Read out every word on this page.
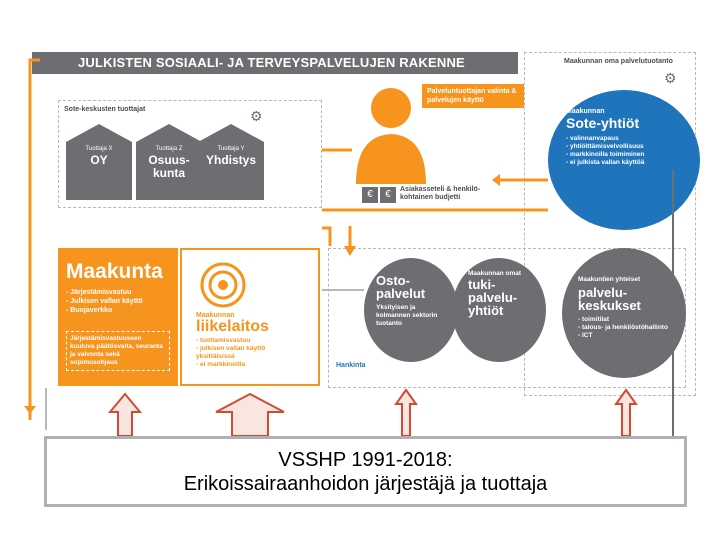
JULKISTEN SOSIAALI- JA TERVEYSPALVELUJEN RAKENNE
Sote-keskusten tuottajat
Maakunnan oma palvelutuotanto
⚙
⚙
Tuottaja X
OY
Tuottaja Z
Osuus-
kunta
Tuottaja Y
Yhdistys
Palveluntuottajan valinta & palvelujen käyttö
€ €	Asiakasseteli & henkilö-kohtainen budjetti
Maakunnan
Sote-yhtiöt
- valinnanvapaus
- yhtiöittämisvelvollisuus
- markkinoilla toimiminen
- ei julkista vallan käyttöä
Maakunta
- Järjestämisvastuu
- Julkisen vallan käyttö
- Buojaverkko
Järjestämisvastuuseen kuuluva päätösvalta, seuranta ja valvonta sekä sopimusohjaus
Maakunnan
liikelaitos
- tuottamisvastuu
- julkisen vallan käyttö
yksittäisissä
- ei markkinoilla
Osto-
palvelut
Yksityisen ja kolmannen sektorin tuotanto
Maakunnan omat
tuki-
palvelu-
yhtiöt
Maakuntien yhteiset
palvelu-
keskukset
- toimitilat
- talous- ja henkilöstöhallinto
- ICT
Hankinta
VSSHP 1991-2018:
Erikoissairaanhoidon järjestäjä ja tuottaja
